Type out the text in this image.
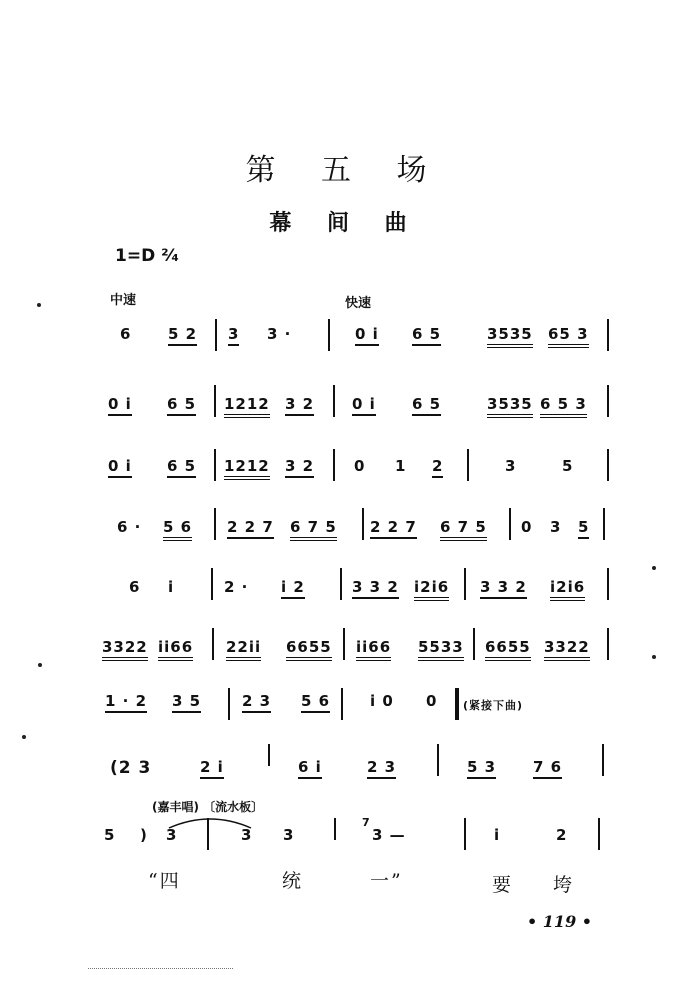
第 五 场
幕 间 曲
1=D ²⁄₄
中速	快速
6 5 2 3 3 ·	0 i 6 5	3535 65 3
0 i 6 5 1212 3 2	0 i 6 5	3535 6 5 3
0 i 6 5 1212 3 2	0 1 2	3	5
6 · 5 6 2 2 7 6 7 5 2 2 7 6 7 5 0 3 5
6 i	2 · i 2	3 3 2 i2i6 3 3 2 i2i6
3322 ii66 22ii 6655 ii66 5533 6655 3322
1 · 2 3 5	2 3 5 6	i 0 0 (紧接下曲)
(2 3	2 i	6 i	2 3	5 3 7 6
(嘉丰唱) 〔流水板〕
5 ) 3	3 3
7
3 —	i	2
“四	统	一”	要 垮
• 119 •
